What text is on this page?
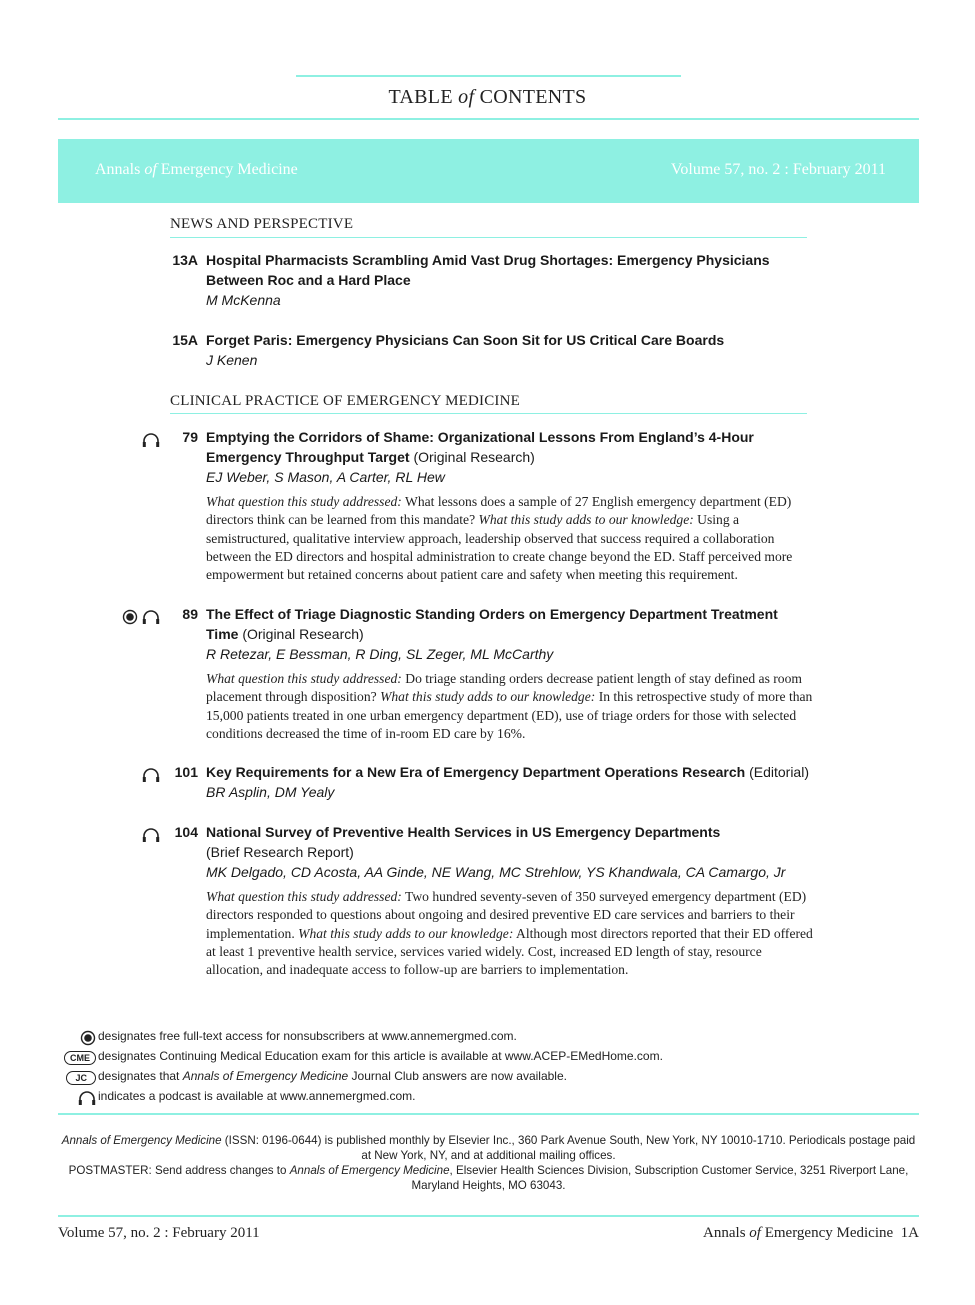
TABLE of CONTENTS
Annals of Emergency Medicine	Volume 57, no. 2 : February 2011
NEWS AND PERSPECTIVE
13A Hospital Pharmacists Scrambling Amid Vast Drug Shortages: Emergency Physicians Between Roc and a Hard Place
M McKenna
15A Forget Paris: Emergency Physicians Can Soon Sit for US Critical Care Boards
J Kenen
CLINICAL PRACTICE OF EMERGENCY MEDICINE
79 Emptying the Corridors of Shame: Organizational Lessons From England’s 4-Hour Emergency Throughput Target (Original Research)
EJ Weber, S Mason, A Carter, RL Hew
What question this study addressed: What lessons does a sample of 27 English emergency department (ED) directors think can be learned from this mandate? What this study adds to our knowledge: Using a semistructured, qualitative interview approach, leadership observed that success required a collaboration between the ED directors and hospital administration to create change beyond the ED. Staff perceived more empowerment but retained concerns about patient care and safety when meeting this requirement.

89 The Effect of Triage Diagnostic Standing Orders on Emergency Department Treatment Time (Original Research)
R Retezar, E Bessman, R Ding, SL Zeger, ML McCarthy
What question this study addressed: Do triage standing orders decrease patient length of stay defined as room placement through disposition? What this study adds to our knowledge: In this retrospective study of more than 15,000 patients treated in one urban emergency department (ED), use of triage orders for those with selected conditions decreased the time of in-room ED care by 16%.
101 Key Requirements for a New Era of Emergency Department Operations Research (Editorial)
BR Asplin, DM Yealy
104 National Survey of Preventive Health Services in US Emergency Departments
(Brief Research Report)
MK Delgado, CD Acosta, AA Ginde, NE Wang, MC Strehlow, YS Khandwala, CA Camargo, Jr
What question this study addressed: Two hundred seventy-seven of 350 surveyed emergency department (ED) directors responded to questions about ongoing and desired preventive ED care services and barriers to their implementation. What this study adds to our knowledge: Although most directors reported that their ED offered at least 1 preventive health service, services varied widely. Cost, increased ED length of stay, resource allocation, and inadequate access to follow-up are barriers to implementation.
designates free full-text access for nonsubscribers at www.annemergmed.com.
CME designates Continuing Medical Education exam for this article is available at www.ACEP-EMedHome.com.
JC designates that Annals of Emergency Medicine Journal Club answers are now available.
indicates a podcast is available at www.annemergmed.com.
Annals of Emergency Medicine (ISSN: 0196-0644) is published monthly by Elsevier Inc., 360 Park Avenue South, New York, NY 10010-1710. Periodicals postage paid at New York, NY, and at additional mailing offices.
POSTMASTER: Send address changes to Annals of Emergency Medicine, Elsevier Health Sciences Division, Subscription Customer Service, 3251 Riverport Lane, Maryland Heights, MO 63043.
Volume 57, no. 2 : February 2011	Annals of Emergency Medicine 1A
